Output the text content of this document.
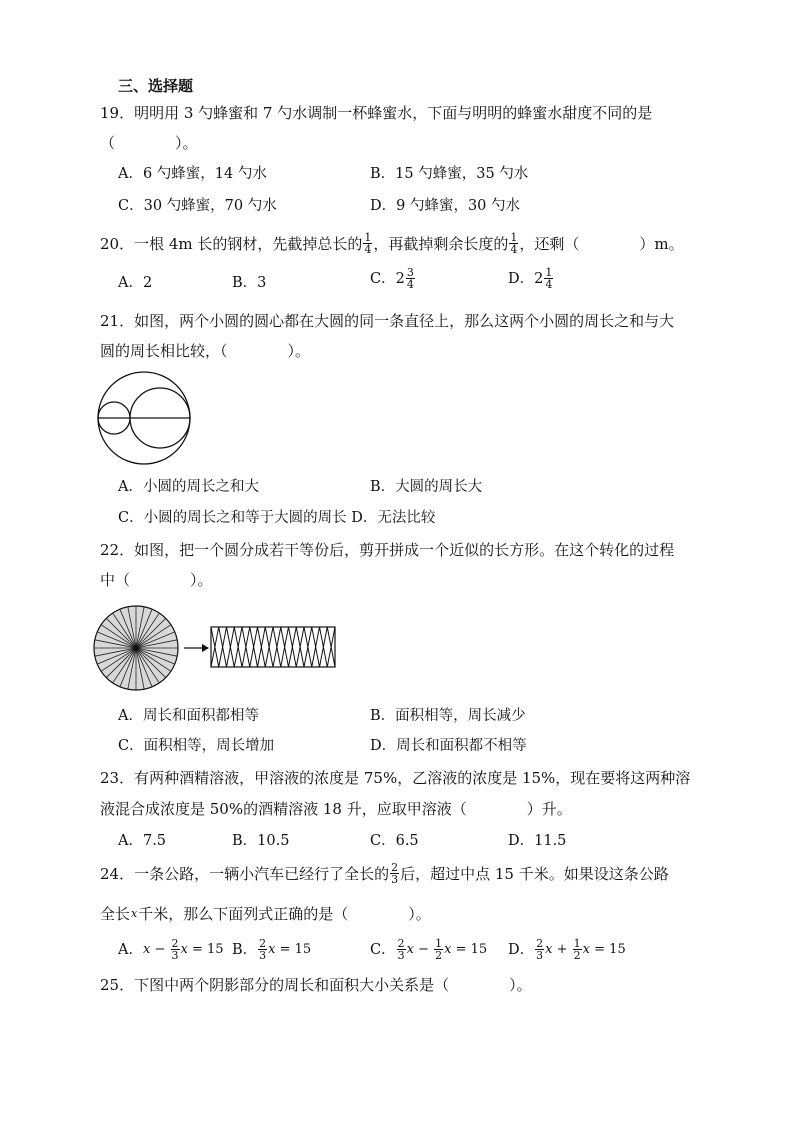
三、选择题
19．明明用 3 勺蜂蜜和 7 勺水调制一杯蜂蜜水，下面与明明的蜂蜜水甜度不同的是
（　　　　）。
A．6 勺蜂蜜，14 勺水	B．15 勺蜂蜜，35 勺水
C．30 勺蜂蜜，70 勺水	D．9 勺蜂蜜，30 勺水
20．一根 4m 长的钢材，先截掉总长的 $\frac{1}{4}$ ，再截掉剩余长度的 $\frac{1}{4}$ ，还剩（　　　　）m。
A．2	B．3	C． $2 \frac{3}{4}$	D． $2 \frac{1}{4}$
21．如图，两个小圆的圆心都在大圆的同一条直径上，那么这两个小圆的周长之和与大
圆的周长相比较，（　　　　）。
A．小圆的周长之和大	B．大圆的周长大
C．小圆的周长之和等于大圆的周长 D．无法比较
22．如图，把一个圆分成若干等份后，剪开拼成一个近似的长方形。在这个转化的过程
中（　　　　）。
A．周长和面积都相等	B．面积相等，周长减少
C．面积相等，周长增加	D．周长和面积都不相等
23．有两种酒精溶液，甲溶液的浓度是 75%，乙溶液的浓度是 15%，现在要将这两种溶
液混合成浓度是 50%的酒精溶液 18 升，应取甲溶液（　　　　）升。
A．7.5	B．10.5	C．6.5	D．11.5
24．一条公路，一辆小汽车已经行了全长的 $\frac{2}{3}$ 后，超过中点 15 千米。如果设这条公路
全长 x 千米，那么下面列式正确的是（　　　　）。
A． x
−
$\frac{2}{3}$ x
= 15 B． $\frac{2}{3}$ x
= 15	C． $\frac{2}{3}$ x
−
$\frac{1}{2}$ x
= 15 D． $\frac{2}{3}$ x
+
$\frac{1}{2}$ x
= 15
25．下图中两个阴影部分的周长和面积大小关系是（　　　　）。
